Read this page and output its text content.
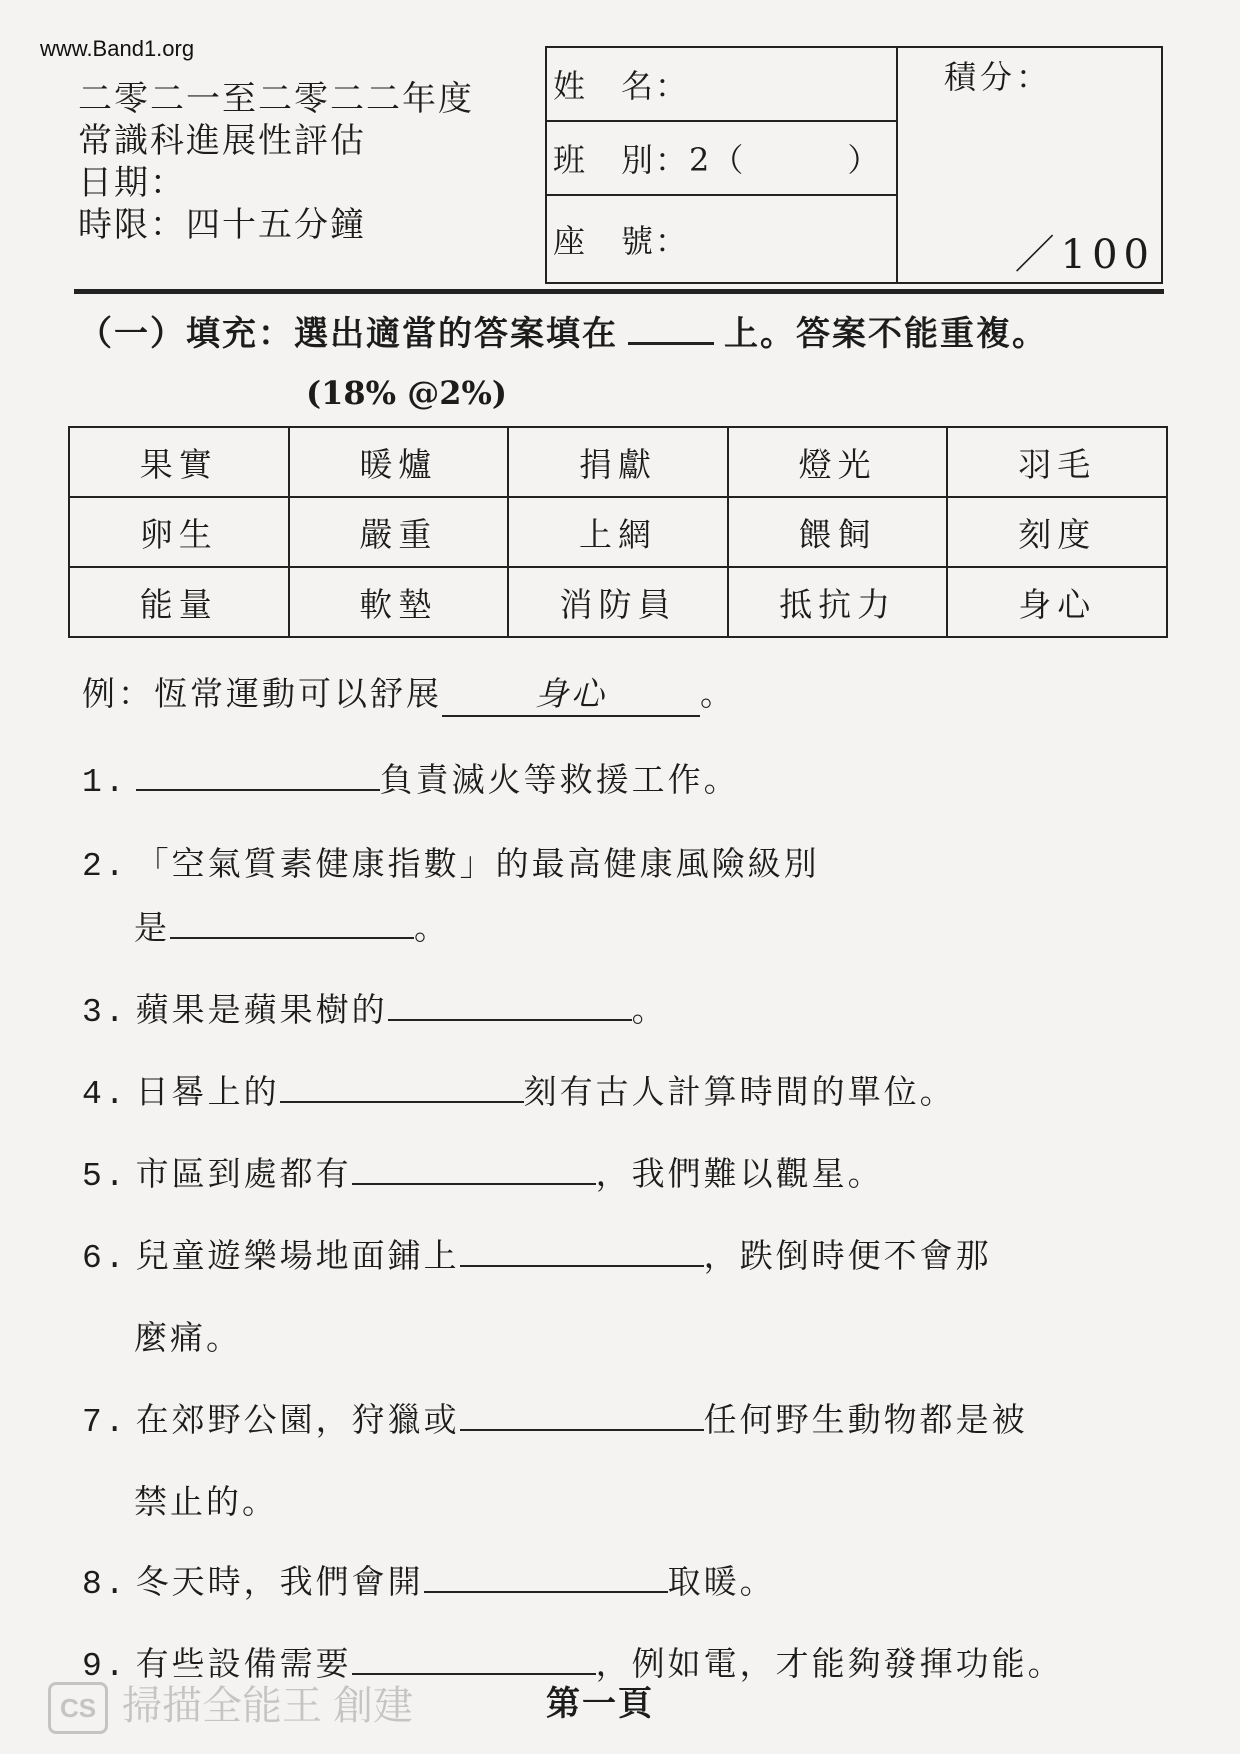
www.Band1.org
二零二一至二零二二年度
常識科進展性評估
日期：
時限：四十五分鐘
姓　名：
班　別：2（　　　）
座　號：
積分：
／100
（一）填充：選出適當的答案填在	上。答案不能重複。
(18% @2%)
果實	暖爐	捐獻	燈光	羽毛
卵生	嚴重	上網	餵飼	刻度
能量	軟墊	消防員	抵抗力	身心
例：恆常運動可以舒展	身心	。
1.	負責滅火等救援工作。
2. 「空氣質素健康指數」的最高健康風險級別
是	。
3. 蘋果是蘋果樹的	。
4. 日晷上的	刻有古人計算時間的單位。
5. 市區到處都有	，我們難以觀星。
6. 兒童遊樂場地面鋪上	，跌倒時便不會那
麼痛。
7. 在郊野公園，狩獵或	任何野生動物都是被
禁止的。
8. 冬天時，我們會開	取暖。
9. 有些設備需要	，例如電，才能夠發揮功能。
CS 掃描全能王 創建	第一頁
